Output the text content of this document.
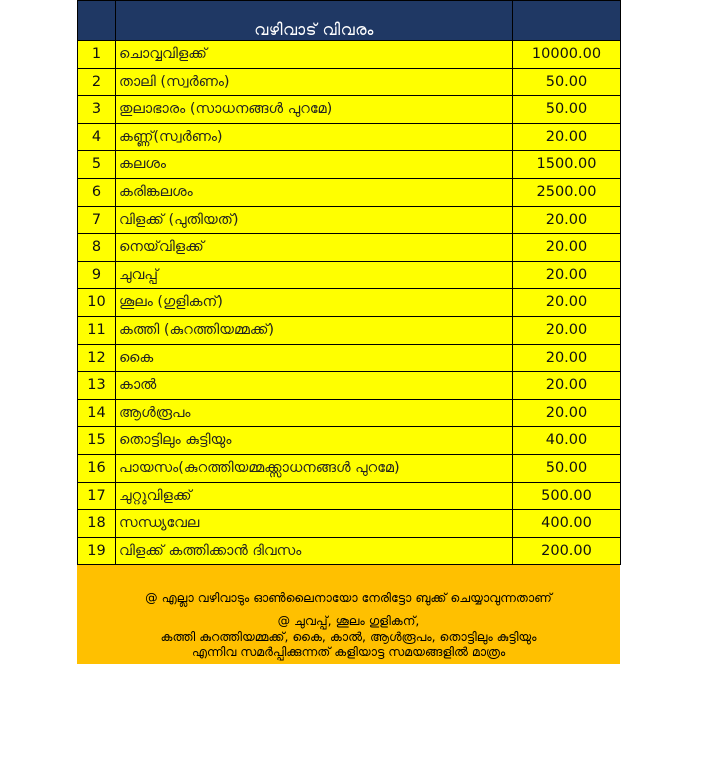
	വഴിവാട് വിവരം	
1	ചൊവ്വവിളക്ക്	10000.00
2	താലി (സ്വർണം)	50.00
3	തുലാഭാരം (സാധനങ്ങൾ പുറമേ)	50.00
4	കണ്ണ്(സ്വർണം)	20.00
5	കലശം	1500.00
6	കരിങ്കലശം	2500.00
7	വിളക്ക് (പുതിയത്)	20.00
8	നെയ്‌വിളക്ക്	20.00
9	ചുവപ്പ്	20.00
10	ശൂലം (ഗുളികന്)	20.00
11	കത്തി (കുറത്തിയമ്മക്ക്)	20.00
12	കൈ	20.00
13	കാൽ	20.00
14	ആൾരൂപം	20.00
15	തൊട്ടിലും കുട്ടിയും	40.00
16	പായസം(കുറത്തിയമ്മക്ക്സാധനങ്ങൾ പുറമേ)	50.00
17	ചുറ്റുവിളക്ക്	500.00
18	സന്ധ്യവേല	400.00
19	വിളക്ക് കത്തിക്കാൻ ദിവസം	200.00
@ എല്ലാ വഴിവാടും ഓൺലൈനായോ നേരിട്ടോ ബുക്ക് ചെയ്യാവുന്നതാണ്
@ ചുവപ്പ്, ശൂലം ഗുളികന്,
കത്തി കുറത്തിയമ്മക്ക്, കൈ, കാൽ, ആൾരൂപം, തൊട്ടിലും കുട്ടിയും
എന്നിവ സമർപ്പിക്കുന്നത് കളിയാട്ട സമയങ്ങളിൽ മാത്രം
